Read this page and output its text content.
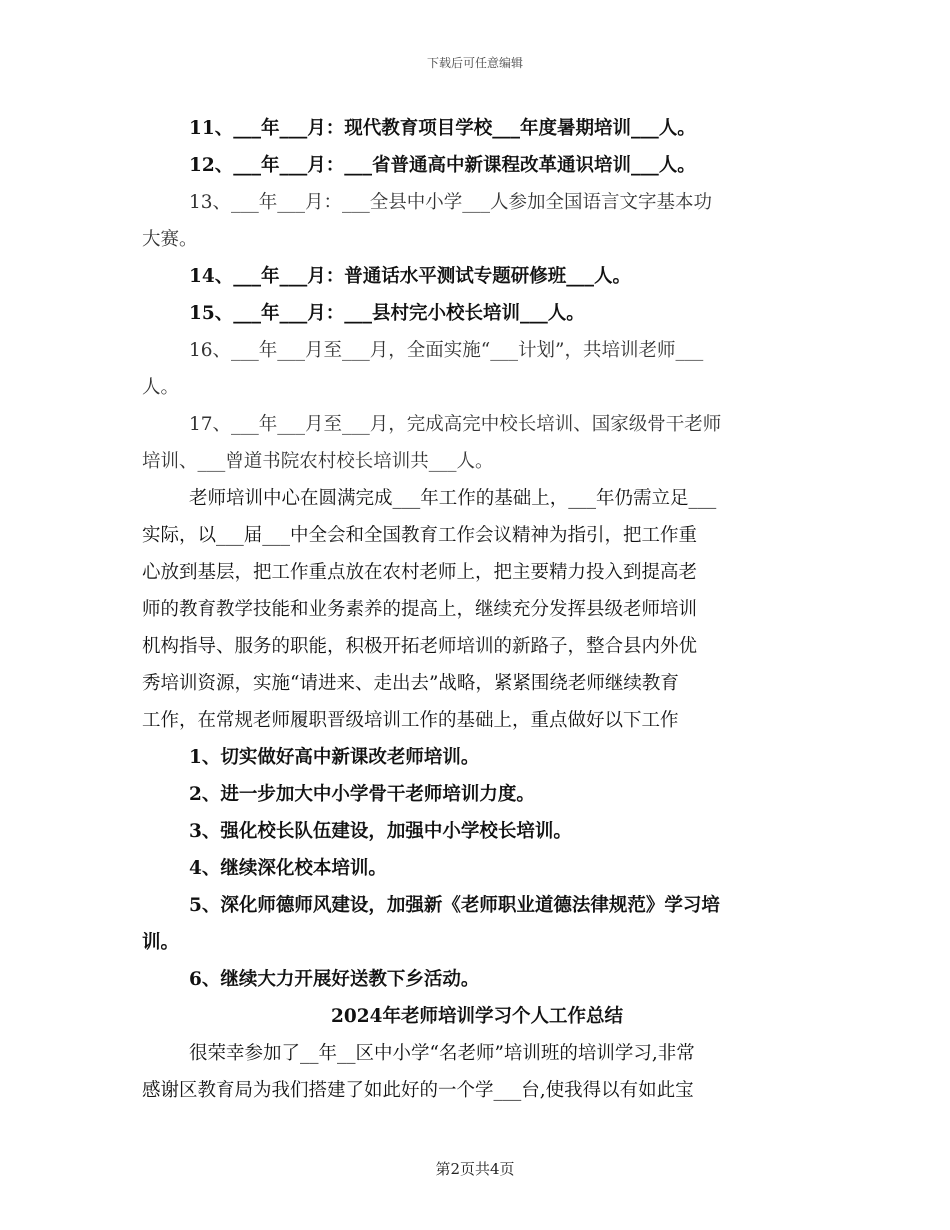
下载后可任意编辑
11、___年___月：现代教育项目学校___年度暑期培训___人。
12、___年___月：___省普通高中新课程改革通识培训___人。
13、___年___月：___全县中小学___人参加全国语言文字基本功
大赛。
14、___年___月：普通话水平测试专题研修班___人。
15、___年___月：___县村完小校长培训___人。
16、___年___月至___月，全面实施“___计划”，共培训老师___
人。
17、___年___月至___月，完成高完中校长培训、国家级骨干老师
培训、___曾道书院农村校长培训共___人。
老师培训中心在圆满完成___年工作的基础上，___年仍需立足___
实际，以___届___中全会和全国教育工作会议精神为指引，把工作重
心放到基层，把工作重点放在农村老师上，把主要精力投入到提高老
师的教育教学技能和业务素养的提高上，继续充分发挥县级老师培训
机构指导、服务的职能，积极开拓老师培训的新路子，整合县内外优
秀培训资源，实施“请进来、走出去”战略，紧紧围绕老师继续教育
工作，在常规老师履职晋级培训工作的基础上，重点做好以下工作
1、切实做好高中新课改老师培训。
2、进一步加大中小学骨干老师培训力度。
3、强化校长队伍建设，加强中小学校长培训。
4、继续深化校本培训。
5、深化师德师风建设，加强新《老师职业道德法律规范》学习培
训。
6、继续大力开展好送教下乡活动。
2024年老师培训学习个人工作总结
很荣幸参加了__年__区中小学“名老师”培训班的培训学习,非常
感谢区教育局为我们搭建了如此好的一个学___台,使我得以有如此宝
第2页共4页
